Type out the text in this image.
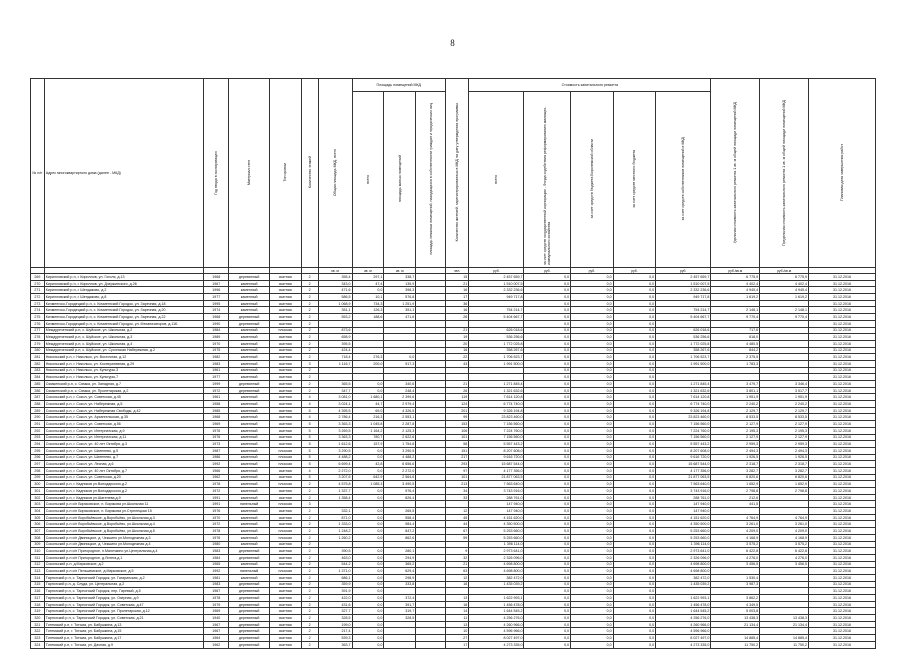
8
№ п/п	Адрес многоквартирного дома (далее - МКД)	Год ввода в эксплуатацию	Материал стен	Тип кровли	Количество этажей	Общая площадь МКД, всего	Площадь помещений МКД			Количество жителей, зарегистрированных в МКД на дату утверждения программы	Стоимость капитального ремонта					Удельная стоимость капитального ремонта 1 кв. м общей площади помещений МКД	Предельная стоимость капитального ремонта 1 кв. м общей площади помещений МКД	Плановая дата завершения работ
							всего	площадь жилых помещений	площадь нежилых помещений, находящихся в собственности граждан и юридических лиц		всего	за счет средств государственной корпорации - Фонда содействия реформированию жилищно-коммунального хозяйства	за счет средств бюджета Воронежской области	за счет средств местного бюджета	за счет средств собственников помещений в МКД			
						кв. м	кв. м	кв. м		чел.	руб.	руб.	руб.	руб.	руб.	руб./кв.м	руб./кв.м	
269	Кирилловский р-н, г. Кириллов, ул. Гоголя, д.13	1968	деревянный	скатная	2	355,4	297,1	338,7		15	2 457 659,7	0,0	0,0	0,0	2 457 659,7	6 775,9	6 775,9	31.12.2016
270	Кирилловский р-н, г. Кириллов, ул. Дзержинского, д.26	1967	каменный	скатная	2	343,0	47,4	135,9		21	1 510 007,5	0,0	0,0	0,0	1 510 007,5	4 402,4	4 402,4	31.12.2016
271	Кирилловский р-н, г. Шендаково, д.2	1996	каменный	скатная	2	471,6	0,0	398,3		16	2 332 236,6	0,0	0,0	0,0	2 332 236,6	4 945,4	4 945,4	31.12.2016
272	Кирилловский р-н, г. Шендаково, д.8	1977	каменный	скатная	2	586,5	10,1	576,8		17	949 717,8	0,0	0,0	0,0	949 717,8	1 619,2	1 619,2	31.12.2016
273	Кичменгско-Городецкий р-н, с. Кичменгский Городок, ул. Заречная, д.18	1995	каменный	скатная	2	1 068,9	734,3	1 251,9		36		0,0	0,0	0,0				31.12.2016
274	Кичменгско-Городецкий р-н, с. Кичменгский Городок, ул. Заречная, д.20	1974	каменный	скатная	2	351,1	126,3	351,1		16	754 214,7	0,0	0,0	0,0	754 214,7	2 148,1	2 148,1	31.12.2016
275	Кичменгско-Городецкий р-н, с. Кичменгский Городок, ул. Заречная, д.22	1968	деревянный	скатная	2	553,2	188,6	471,6		26	5 404 667,7	0,0	0,0	0,0	5 404 667,7	9 770,4	9 770,4	31.12.2016
276	Кичменгско-Городецкий р-н, с. Кичменгский Городок, ул. Механизаторов, д.11Б	1990	деревянный	скатная	2							0,0	0,0	0,0				31.12.2016
277	Междуреченский р-н, с. Шуйское, ул. Школьная, д.2	1984	каменный	плоская	2	873,6				21	626 018,6	0,0	0,0	0,0	626 018,6	717,6		31.12.2016
278	Междуреченский р-н, с. Шуйское, ул. Школьная, д.3	1989	каменный	скатная	2	658,9				19	536 256,6	0,0	0,0	0,0	536 256,6	818,0		31.12.2016
279	Междуреченский р-н, с. Шуйское, ул. Школьная, д.4	1970	каменный	скатная	2	395,5				20	1 772 025,8	0,0	0,0	0,0	1 772 025,8	4 480,5		31.12.2016
280	Междуреченский р-н, с. Шуйское, ул. Сухонская Набережная, д.2	1975	каменный	скатная	2	424,4				16	358 267,6	0,0	0,0	0,0	358 267,6	844,2		31.12.2016
281	Никольский р-н, г. Никольск, ул. Восточная, д.12	1982	каменный	скатная	2	718,4	276,3	0,0		22	1 706 523,7	0,0	0,0	0,0	1 706 523,7	2 375,5		31.12.2016
282	Никольский р-н, г. Никольск, ул. Кооперативная, д.29	1983	каменный	скатная	3	1 116,7	200,0	917,3		43	1 991 500,0	0,0	0,0	0,0	1 991 500,0	1 783,3		31.12.2016
283	Никольский р-н, г. Никольск, ул. Культуры,3	1961	каменный	скатная	2							0,0	0,0	0,0				31.12.2016
284	Никольский р-н, г. Никольск, ул. Культуры,7	1977	каменный	скатная	2							0,0	0,0	0,0				31.12.2016
285	Сямженский р-н, с. Сямжа, ул. Западная, д.7	1999	деревянный	скатная	2	365,5	0,0	340,6		21	1 271 845,4	0,0	0,0	0,0	1 271 845,4	3 479,7	3 346,4	31.12.2016
286	Сямженский р-н, с. Сямжа, ул. Пролетарская, д.2	1972	деревянный	скатная	2	347,7	0,0	248,4		26	1 321 632,6	0,0	0,0	0,0	1 321 632,6	3 801,1	3 517,7	31.12.2016
287	Сокольский р-н, г. Сокол, ул. Советская, д.45	1961	каменный	скатная	4	3 081,0	1 680,1	2 399,6		119	7 614 120,8	0,0	0,0	0,0	7 614 120,8	1 951,9	1 951,9	31.12.2016
288	Сокольский р-н, г. Сокол, ул. Набережная, д.5	1958	каменный	скатная	4	3 024,1	44,7	2 979,4		124	6 774 740,0	0,0	0,0	0,0	6 774 740,0	2 240,2	2 240,2	31.12.2016
289	Сокольский р-н, г. Сокол, ул. Набережная Свободы, д.42	1985	каменный	скатная	5	4 395,5	69,0	4 326,5		201	9 326 194,8	0,0	0,0	0,0	9 326 194,8	2 129,7	2 129,7	31.12.2016
290	Сокольский р-н, г. Сокол, ул. Архангельская, д.35	1968	каменный	скатная	4	2 786,4	216,3	2 553,1		99	23 823 460,0	0,0	0,0	0,0	23 823 460,0	8 533,5	8 533,5	31.12.2016
291	Сокольский р-н, г. Сокол, ул. Советская, д.56	1969	каменный	скатная	5	3 363,3	1 045,8	2 287,8		153	7 156 560,0	0,0	0,0	0,0	7 156 560,0	2 127,9	2 127,9	31.12.2016
292	Сокольский р-н, г. Сокол, ул. Интернатская, д.9	1976	каменный	скатная	5	3 269,5	1 164,2	2 125,3		106	7 224 760,0	0,0	0,0	0,0	7 224 760,0	2 195,3	2 195,3	31.12.2016
293	Сокольский р-н, г. Сокол, ул. Интернатская, д.11	1976	каменный	скатная	5	3 363,3	780,7	2 622,6		101	7 156 560,0	0,0	0,0	0,0	7 156 560,0	2 127,9	2 127,9	31.12.2016
294	Сокольский р-н, г. Сокол, ул. 40 лет Октября, д.3	1973	каменный	скатная	5	1 612,6	157,9	1 754,8		58	5 557 443,2	0,0	0,0	0,0	5 557 443,2	2 959,3	2 959,3	31.12.2016
295	Сокольский р-н, г. Сокол, ул. Шатенево, д.5	1987	каменный	плоская	5	3 290,5	0,0	3 290,5		151	8 207 608,0	0,0	0,0	0,0	8 207 608,0	2 494,3	2 494,3	31.12.2016
296	Сокольский р-н, г. Сокол, ул. Шатенево, д.7	1986	каменный	плоская	5	4 488,2	0,0	4 488,2		217	9 616 720,0	0,0	0,0	0,0	9 616 720,0	1 926,5	1 926,5	31.12.2016
297	Сокольский р-н, г. Сокол, ул. Лесная, д.6	1992	каменный	плоская	5	6 699,4	42,8	6 656,6		293	15 687 544,0	0,0	0,0	0,0	15 687 544,0	2 318,7	2 318,7	31.12.2016
298	Сокольский р-н, г. Сокол, ул. 40 лет Октября, д.7	1966	каменный	скатная	4	2 272,0	0,0	2 272,0		97	4 177 356,0	0,0	0,0	0,0	4 177 356,0	3 282,7	3 282,7	31.12.2016
299	Сокольский р-н, г. Сокол, ул. Советская, д.20	1962	каменный	скатная	5	3 207,6	642,9	2 564,6		101	21 877 063,5	0,0	0,0	0,0	21 877 063,5	6 820,6	6 820,6	31.12.2016
300	Сокольский р-н, г. Кадников ул.Володарского,д.2	1978	каменный	плоская	2	4 575,8	1 085,3	3 490,5		213	7 563 640,0	0,0	0,0	0,0	7 563 640,0	1 652,9	1 652,9	31.12.2016
301	Сокольский р-н, г. Кадников ул.Володарского,д.2	1972	каменный	скатная	2	1 337,7	0,0	976,4		34	3 743 916,0	0,0	0,0	0,0	3 743 916,0	2 798,8	2 798,8	31.12.2016
302	Сокольский р-н, г. Кадников ул.Шатенева,д.9	1991	каменный	скатная	2	1 358,4	0,0	826,4		33	288 761,0	0,0	0,0	0,0	288 761,0	212,6		31.12.2016
303	Сокольский р-н с/п Биряковское, п. Бирякова ул.Школьная 11	1991	панельный	плоская	3						147 940,0	0,0	0,0	0,0	147 940,0	441,5		31.12.2016
304	Сокольский р-н с/п Биряковское, п. Бирякова ул.Стрелецкая 15	1976	каменный	скатная	2	332,1	0,0	265,5		12	147 940,0	0,0	0,0	0,0	147 940,0			31.12.2016
305	Сокольский р-н с/п Воробьёвское, д.Воробьёво, ул.Школьная,д.3	1970	каменный	скатная	2	871,0	0,0	558,4		45	4 151 620,0	0,0	0,0	0,0	4 151 620,0	4 764,9	4 764,9	31.12.2016
306	Сокольский р-н с/п Воробьёвское, д.Воробьёво, ул.Школьная,д.4	1972	каменный	скатная	2	1 333,0	0,0	984,4		44	4 350 500,0	0,0	0,0	0,0	4 350 500,0	3 261,0	3 261,0	31.12.2016
307	Сокольский р-н с/п Воробьёвское, д.Воробьёво, ул.Школьная,д.5	1978	каменный	плоская	2	1 248,2	0,0	847,2		67	5 253 660,0	0,0	0,0	0,0	5 253 660,0	4 209,0	4 209,0	31.12.2016
308	Сокольский р-н с/п Двиницкое, д. Чекшино ул.Молодежная д.3	1976	каменный	плоская	2	1 260,2	0,0	862,6		59	5 253 660,0	0,0	0,0	0,0	5 253 660,0	4 168,9	4 168,9	31.12.2016
309	Сокольский р-н с/п Двиницкое, д. Чекшино ул.Молодежная д.4	1980	каменный	скатная	2						1 396 114,0	0,0	0,0	0,0	1 396 114,0	3 575,2	3 575,2	31.12.2016
310	Сокольский р-н с/п Пригородное, п.Малечкино ул.Центральная,д.4	1983	деревянный	скатная	2	390,5	0,0	280,1		9	2 973 641,0	0,0	0,0	0,0	2 973 641,0	6 422,8	6 422,8	31.12.2016
311	Сокольский р-н с/п Пригородное, д.Литега,д.1	1984	деревянный	скатная	2	463,0	0,0	294,9		32	2 326 096,0	0,0	0,0	0,0	2 326 096,0	4 276,0	4 276,0	31.12.2016
312	Сокольский р-н, д.Марковское, д.2	1965	каменный	скатная	2	544,2	0,0	365,2		21	4 698 800,0	0,0	0,0	0,0	4 698 800,0	3 456,5	3 456,5	31.12.2016
313	Сокольский р-н с/п Пельшемское, д.Марковское, д.5	1992	панельный	плоская	2	1 371,0	0,0	629,4		63	4 698 800,0	0,0	0,0	0,0	4 698 800,0			31.12.2016
314	Тарногский р-н, с. Тарногский Городок, ул. Гагаринская, д.2	1981	каменный	скатная	2	686,1	0,0	298,9		12	382 472,0	0,0	0,0	0,0	382 472,0	1 530,4		31.12.2016
315	Тарногский р-н, д. Слуда, ул. Центральная, д.2	1983	деревянный	скатная	2	359,9	0,0	333,8		18	1 435 039,2	0,0	0,0	0,0	1 435 039,2	3 987,3		31.12.2016
316	Тарногский р-н, с. Тарногский Городок, пер. Гаревый, д.5	1967	деревянный	скатная	2	391,9	0,0					0,0	0,0	0,0				31.12.2016
317	Тарногский р-н, с. Тарногский Городок, ул. Озерная, д.9	1978	деревянный	скатная	2	422,0	0,0	372,4		13	1 622 993,1	0,0	0,0	0,0	1 622 993,1	3 862,2		31.12.2016
318	Тарногский р-н, с. Тарногский Городок, ул. Советская, д.47	1979	деревянный	скатная	2	431,6	0,0	391,7		18	1 456 478,0	0,0	0,0	0,0	1 456 478,0	4 349,5		31.12.2016
319	Тарногский р-н, с. Тарногский Городок, ул. Пролетарская, д.12	1969	деревянный	скатная	2	327,7	0,0	319,7		14	1 644 545,2	0,0	0,0	0,0	1 644 545,2	5 003,8		31.12.2016
320	Тарногский р-н, с. Тарногский Городок, ул. Советская, д.21	1940	деревянный	скатная	2	328,5	0,0	328,5		11	4 256 276,0	0,0	0,0	0,0	4 256 276,0	13 438,3	13 438,3	31.12.2016
321	Тотемский р-н, г. Тотьма, ул. Бабушкина, д.13	1967	деревянный	скатная	2	199,0	0,0			13	4 260 966,0	0,0	0,0	0,0	4 260 966,0	21 134,4	21 134,4	31.12.2016
322	Тотемский р-н, г. Тотьма, ул. Бабушкина, д.15	1967	деревянный	скатная	2	217,4	0,0			10	4 596 966,0	0,0	0,0	0,0	4 596 966,0			31.12.2016
323	Тотемский р-н, г. Тотьма, ул. Бабушкина, д.17	1964	деревянный	скатная	2	539,3	0,0			27	8 027 497,0	0,0	0,0	0,0	8 027 497,0	14 885,4	14 885,4	31.12.2016
324	Тотемский р-н, г. Тотьма, ул. Дачная, д.9	1962	деревянный	скатная	2	363,7	0,0			17	4 273 335,0	0,0	0,0	0,0	4 273 335,0	11 750,2	11 750,2	31.12.2016
